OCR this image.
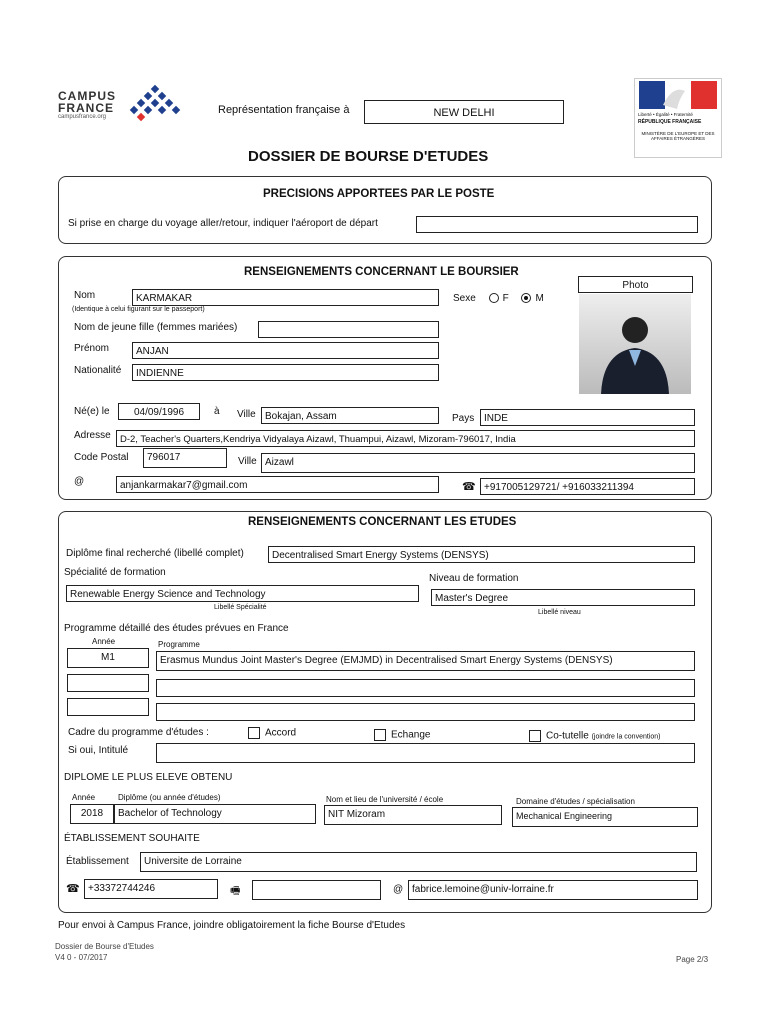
CAMPUS
FRANCE
campusfrance.org
Représentation française à	NEW DELHI	Liberté • Égalité • Fraternité
RÉPUBLIQUE FRANÇAISE
MINISTÈRE DE L'EUROPE ET DES AFFAIRES ÉTRANGÈRES
DOSSIER DE BOURSE D'ETUDES
PRECISIONS APPORTEES PAR LE POSTE
Si prise en charge du voyage aller/retour, indiquer l'aéroport de départ
RENSEIGNEMENTS CONCERNANT LE BOURSIER
Nom
(Identique à celui figurant sur le passeport)
KARMAKAR	Sexe	F	M
Photo
Nom de jeune fille (femmes mariées)
Prénom	ANJAN
Nationalité	INDIENNE
Né(e) le	04/09/1996	à Ville Bokajan, Assam	Pays INDE
Adresse D-2, Teacher's Quarters,Kendriya Vidyalaya Aizawl, Thuampui, Aizawl, Mizoram-796017, India
Code Postal	796017	Ville Aizawl
@	anjankarmakar7@gmail.com	☎ +917005129721/ +916033211394
RENSEIGNEMENTS CONCERNANT LES ETUDES
Diplôme final recherché (libellé complet)	Decentralised Smart Energy Systems (DENSYS)
Spécialité de formation
Niveau de formation
Renewable Energy Science and Technology	Master's Degree
Libellé Spécialité
Libellé niveau
Programme détaillé des études prévues en France
Année	Programme
M1	Erasmus Mundus Joint Master's Degree (EMJMD) in Decentralised Smart Energy Systems (DENSYS)
Cadre du programme d'études :	Accord	Echange	Co-tutelle (joindre la convention)
Si oui, Intitulé
DIPLOME LE PLUS ELEVE OBTENU
Année	Diplôme (ou année d'études)	Nom et lieu de l'université / école	Domaine d'études / spécialisation
2018	Bachelor of Technology	NIT Mizoram	Mechanical Engineering
ÉTABLISSEMENT SOUHAITE
Établissement	Universite de Lorraine
☎ +33372744246	🖷	@ fabrice.lemoine@univ-lorraine.fr
Pour envoi à Campus France, joindre obligatoirement la fiche Bourse d'Etudes
Dossier de Bourse d'Etudes
V4 0 - 07/2017	Page 2/3
